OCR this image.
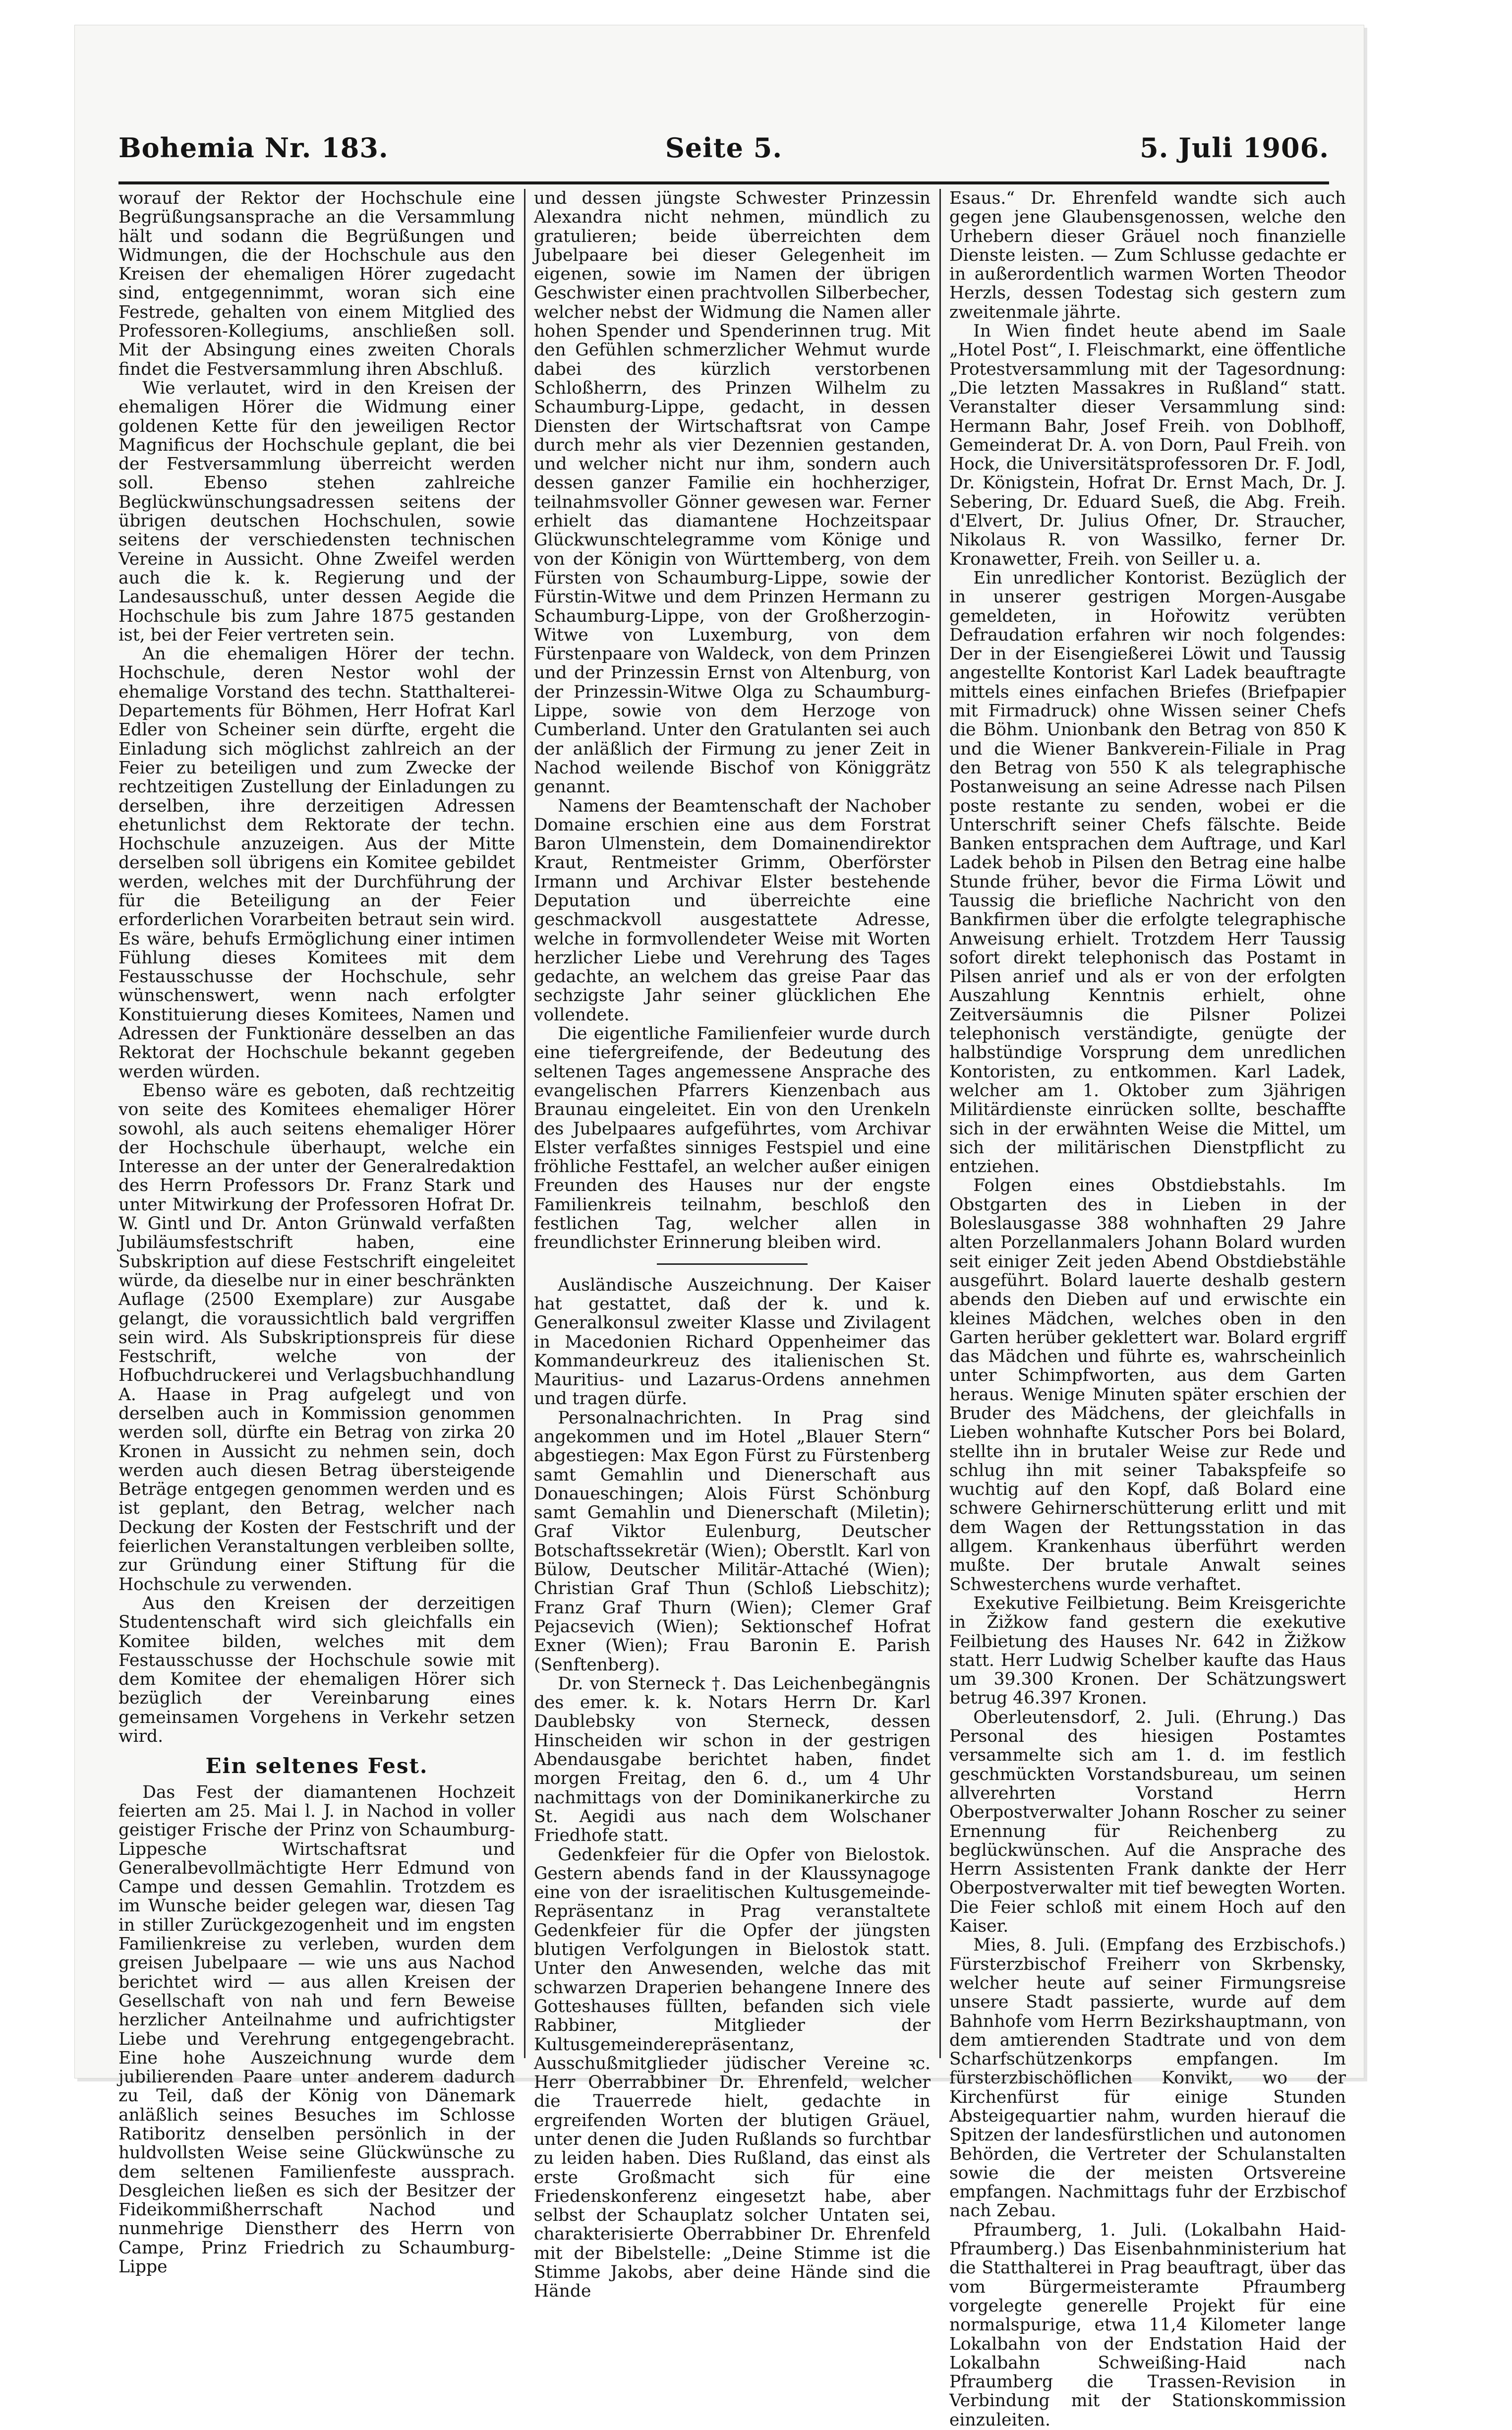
Bohemia Nr. 183.	Seite 5.	5. Juli 1906.

worauf der Rektor der Hochschule eine Begrüßungsansprache an die Versammlung hält und sodann die Begrüßungen und Widmungen, die der Hochschule aus den Kreisen der ehemaligen Hörer zugedacht sind, entgegennimmt, woran sich eine Festrede, gehalten von einem Mitglied des Professoren-Kollegiums, anschließen soll. Mit der Absingung eines zweiten Chorals findet die Festversammlung ihren Abschluß.

Wie verlautet, wird in den Kreisen der ehemaligen Hörer die Widmung einer goldenen Kette für den jeweiligen Rector Magnificus der Hochschule geplant, die bei der Festversammlung überreicht werden soll. Ebenso stehen zahlreiche Beglückwünschungsadressen seitens der übrigen deutschen Hochschulen, sowie seitens der verschiedensten technischen Vereine in Aussicht. Ohne Zweifel werden auch die k. k. Regierung und der Landesausschuß, unter dessen Aegide die Hochschule bis zum Jahre 1875 gestanden ist, bei der Feier vertreten sein.

An die ehemaligen Hörer der techn. Hochschule, deren Nestor wohl der ehemalige Vorstand des techn. Statthalterei-Departements für Böhmen, Herr Hofrat Karl Edler von Scheiner sein dürfte, ergeht die Einladung sich möglichst zahlreich an der Feier zu beteiligen und zum Zwecke der rechtzeitigen Zustellung der Einladungen zu derselben, ihre derzeitigen Adressen ehetunlichst dem Rektorate der techn. Hochschule anzuzeigen. Aus der Mitte derselben soll übrigens ein Komitee gebildet werden, welches mit der Durchführung der für die Beteiligung an der Feier erforderlichen Vorarbeiten betraut sein wird. Es wäre, behufs Ermöglichung einer intimen Fühlung dieses Komitees mit dem Festausschusse der Hochschule, sehr wünschenswert, wenn nach erfolgter Konstituierung dieses Komitees, Namen und Adressen der Funktionäre desselben an das Rektorat der Hochschule bekannt gegeben werden würden.

Ebenso wäre es geboten, daß rechtzeitig von seite des Komitees ehemaliger Hörer sowohl, als auch seitens ehemaliger Hörer der Hochschule überhaupt, welche ein Interesse an der unter der Generalredaktion des Herrn Professors Dr. Franz Stark und unter Mitwirkung der Professoren Hofrat Dr. W. Gintl und Dr. Anton Grünwald verfaßten Jubiläumsfestschrift haben, eine Subskription auf diese Festschrift eingeleitet würde, da dieselbe nur in einer beschränkten Auflage (2500 Exemplare) zur Ausgabe gelangt, die voraussichtlich bald vergriffen sein wird. Als Subskriptionspreis für diese Festschrift, welche von der Hofbuchdruckerei und Verlagsbuchhandlung A. Haase in Prag aufgelegt und von derselben auch in Kommission genommen werden soll, dürfte ein Betrag von zirka 20 Kronen in Aussicht zu nehmen sein, doch werden auch diesen Betrag übersteigende Beträge entgegen genommen werden und es ist geplant, den Betrag, welcher nach Deckung der Kosten der Festschrift und der feierlichen Veranstaltungen verbleiben sollte, zur Gründung einer Stiftung für die Hochschule zu verwenden.

Aus den Kreisen der derzeitigen Studentenschaft wird sich gleichfalls ein Komitee bilden, welches mit dem Festausschusse der Hochschule sowie mit dem Komitee der ehemaligen Hörer sich bezüglich der Vereinbarung eines gemeinsamen Vorgehens in Verkehr setzen wird.

Ein seltenes Fest.

Das Fest der diamantenen Hochzeit feierten am 25. Mai l. J. in Nachod in voller geistiger Frische der Prinz von Schaumburg-Lippesche Wirtschaftsrat und Generalbevollmächtigte Herr Edmund von Campe und dessen Gemahlin. Trotzdem es im Wunsche beider gelegen war, diesen Tag in stiller Zurückgezogenheit und im engsten Familienkreise zu verleben, wurden dem greisen Jubelpaare — wie uns aus Nachod berichtet wird — aus allen Kreisen der Gesellschaft von nah und fern Beweise herzlicher Anteilnahme und aufrichtigster Liebe und Verehrung entgegengebracht. Eine hohe Auszeichnung wurde dem jubilierenden Paare unter anderem dadurch zu Teil, daß der König von Dänemark anläßlich seines Besuches im Schlosse Ratiboritz denselben persönlich in der huldvollsten Weise seine Glückwünsche zu dem seltenen Familienfeste aussprach. Desgleichen ließen es sich der Besitzer der Fideikommißherrschaft Nachod und nunmehrige Dienstherr des Herrn von Campe, Prinz Friedrich zu Schaumburg-Lippe

und dessen jüngste Schwester Prinzessin Alexandra nicht nehmen, mündlich zu gratulieren; beide überreichten dem Jubelpaare bei dieser Gelegenheit im eigenen, sowie im Namen der übrigen Geschwister einen prachtvollen Silberbecher, welcher nebst der Widmung die Namen aller hohen Spender und Spenderinnen trug. Mit den Gefühlen schmerzlicher Wehmut wurde dabei des kürzlich verstorbenen Schloßherrn, des Prinzen Wilhelm zu Schaumburg-Lippe, gedacht, in dessen Diensten der Wirtschaftsrat von Campe durch mehr als vier Dezennien gestanden, und welcher nicht nur ihm, sondern auch dessen ganzer Familie ein hochherziger, teilnahmsvoller Gönner gewesen war. Ferner erhielt das diamantene Hochzeitspaar Glückwunschtelegramme vom Könige und von der Königin von Württemberg, von dem Fürsten von Schaumburg-Lippe, sowie der Fürstin-Witwe und dem Prinzen Hermann zu Schaumburg-Lippe, von der Großherzogin-Witwe von Luxemburg, von dem Fürstenpaare von Waldeck, von dem Prinzen und der Prinzessin Ernst von Altenburg, von der Prinzessin-Witwe Olga zu Schaumburg-Lippe, sowie von dem Herzoge von Cumberland. Unter den Gratulanten sei auch der anläßlich der Firmung zu jener Zeit in Nachod weilende Bischof von Königgrätz genannt.

Namens der Beamtenschaft der Nachober Domaine erschien eine aus dem Forstrat Baron Ulmenstein, dem Domainendirektor Kraut, Rentmeister Grimm, Oberförster Irmann und Archivar Elster bestehende Deputation und überreichte eine geschmackvoll ausgestattete Adresse, welche in formvollendeter Weise mit Worten herzlicher Liebe und Verehrung des Tages gedachte, an welchem das greise Paar das sechzigste Jahr seiner glücklichen Ehe vollendete.

Die eigentliche Familienfeier wurde durch eine tiefergreifende, der Bedeutung des seltenen Tages angemessene Ansprache des evangelischen Pfarrers Kienzenbach aus Braunau eingeleitet. Ein von den Urenkeln des Jubelpaares aufgeführtes, vom Archivar Elster verfaßtes sinniges Festspiel und eine fröhliche Festtafel, an welcher außer einigen Freunden des Hauses nur der engste Familienkreis teilnahm, beschloß den festlichen Tag, welcher allen in freundlichster Erinnerung bleiben wird.

Ausländische Auszeichnung. Der Kaiser hat gestattet, daß der k. und k. Generalkonsul zweiter Klasse und Zivilagent in Macedonien Richard Oppenheimer das Kommandeurkreuz des italienischen St. Mauritius- und Lazarus-Ordens annehmen und tragen dürfe.

Personalnachrichten. In Prag sind angekommen und im Hotel „Blauer Stern“ abgestiegen: Max Egon Fürst zu Fürstenberg samt Gemahlin und Dienerschaft aus Donaueschingen; Alois Fürst Schönburg samt Gemahlin und Dienerschaft (Miletin); Graf Viktor Eulenburg, Deutscher Botschaftssekretär (Wien); Oberstlt. Karl von Bülow, Deutscher Militär-Attaché (Wien); Christian Graf Thun (Schloß Liebschitz); Franz Graf Thurn (Wien); Clemer Graf Pejacsevich (Wien); Sektionschef Hofrat Exner (Wien); Frau Baronin E. Parish (Senftenberg).

Dr. von Sterneck †. Das Leichenbegängnis des emer. k. k. Notars Herrn Dr. Karl Daublebsky von Sterneck, dessen Hinscheiden wir schon in der gestrigen Abendausgabe berichtet haben, findet morgen Freitag, den 6. d., um 4 Uhr nachmittags von der Dominikanerkirche zu St. Aegidi aus nach dem Wolschaner Friedhofe statt.

Gedenkfeier für die Opfer von Bielostok. Gestern abends fand in der Klaussynagoge eine von der israelitischen Kultusgemeinde-Repräsentanz in Prag veranstaltete Gedenkfeier für die Opfer der jüngsten blutigen Verfolgungen in Bielostok statt. Unter den Anwesenden, welche das mit schwarzen Draperien behangene Innere des Gotteshauses füllten, befanden sich viele Rabbiner, Mitglieder der Kultusgemeinderepräsentanz, Ausschußmitglieder jüdischer Vereine ꝛc. Herr Oberrabbiner Dr. Ehrenfeld, welcher die Trauerrede hielt, gedachte in ergreifenden Worten der blutigen Gräuel, unter denen die Juden Rußlands so furchtbar zu leiden haben. Dies Rußland, das einst als erste Großmacht sich für eine Friedenskonferenz eingesetzt habe, aber selbst der Schauplatz solcher Untaten sei, charakterisierte Oberrabbiner Dr. Ehrenfeld mit der Bibelstelle: „Deine Stimme ist die Stimme Jakobs, aber deine Hände sind die Hände

Esaus.“ Dr. Ehrenfeld wandte sich auch gegen jene Glaubensgenossen, welche den Urhebern dieser Gräuel noch finanzielle Dienste leisten. — Zum Schlusse gedachte er in außerordentlich warmen Worten Theodor Herzls, dessen Todestag sich gestern zum zweitenmale jährte.

In Wien findet heute abend im Saale „Hotel Post“, I. Fleischmarkt, eine öffentliche Protestversammlung mit der Tagesordnung: „Die letzten Massakres in Rußland“ statt. Veranstalter dieser Versammlung sind: Hermann Bahr, Josef Freih. von Doblhoff, Gemeinderat Dr. A. von Dorn, Paul Freih. von Hock, die Universitätsprofessoren Dr. F. Jodl, Dr. Königstein, Hofrat Dr. Ernst Mach, Dr. J. Sebering, Dr. Eduard Sueß, die Abg. Freih. d'Elvert, Dr. Julius Ofner, Dr. Straucher, Nikolaus R. von Wassilko, ferner Dr. Kronawetter, Freih. von Seiller u. a.

Ein unredlicher Kontorist. Bezüglich der in unserer gestrigen Morgen-Ausgabe gemeldeten, in Hořowitz verübten Defraudation erfahren wir noch folgendes: Der in der Eisengießerei Löwit und Taussig angestellte Kontorist Karl Ladek beauftragte mittels eines einfachen Briefes (Briefpapier mit Firmadruck) ohne Wissen seiner Chefs die Böhm. Unionbank den Betrag von 850 K und die Wiener Bankverein-Filiale in Prag den Betrag von 550 K als telegraphische Postanweisung an seine Adresse nach Pilsen poste restante zu senden, wobei er die Unterschrift seiner Chefs fälschte. Beide Banken entsprachen dem Auftrage, und Karl Ladek behob in Pilsen den Betrag eine halbe Stunde früher, bevor die Firma Löwit und Taussig die briefliche Nachricht von den Bankfirmen über die erfolgte telegraphische Anweisung erhielt. Trotzdem Herr Taussig sofort direkt telephonisch das Postamt in Pilsen anrief und als er von der erfolgten Auszahlung Kenntnis erhielt, ohne Zeitversäumnis die Pilsner Polizei telephonisch verständigte, genügte der halbstündige Vorsprung dem unredlichen Kontoristen, zu entkommen. Karl Ladek, welcher am 1. Oktober zum 3jährigen Militärdienste einrücken sollte, beschaffte sich in der erwähnten Weise die Mittel, um sich der militärischen Dienstpflicht zu entziehen.

Folgen eines Obstdiebstahls. Im Obstgarten des in Lieben in der Boleslausgasse 388 wohnhaften 29 Jahre alten Porzellanmalers Johann Bolard wurden seit einiger Zeit jeden Abend Obstdiebstähle ausgeführt. Bolard lauerte deshalb gestern abends den Dieben auf und erwischte ein kleines Mädchen, welches oben in den Garten herüber geklettert war. Bolard ergriff das Mädchen und führte es, wahrscheinlich unter Schimpfworten, aus dem Garten heraus. Wenige Minuten später erschien der Bruder des Mädchens, der gleichfalls in Lieben wohnhafte Kutscher Pors bei Bolard, stellte ihn in brutaler Weise zur Rede und schlug ihn mit seiner Tabakspfeife so wuchtig auf den Kopf, daß Bolard eine schwere Gehirnerschütterung erlitt und mit dem Wagen der Rettungsstation in das allgem. Krankenhaus überführt werden mußte. Der brutale Anwalt seines Schwesterchens wurde verhaftet.

Exekutive Feilbietung. Beim Kreisgerichte in Žižkow fand gestern die exekutive Feilbietung des Hauses Nr. 642 in Žižkow statt. Herr Ludwig Schelber kaufte das Haus um 39.300 Kronen. Der Schätzungswert betrug 46.397 Kronen.

Oberleutensdorf, 2. Juli. (Ehrung.) Das Personal des hiesigen Postamtes versammelte sich am 1. d. im festlich geschmückten Vorstandsbureau, um seinen allverehrten Vorstand Herrn Oberpostverwalter Johann Roscher zu seiner Ernennung für Reichenberg zu beglückwünschen. Auf die Ansprache des Herrn Assistenten Frank dankte der Herr Oberpostverwalter mit tief bewegten Worten. Die Feier schloß mit einem Hoch auf den Kaiser.

Mies, 8. Juli. (Empfang des Erzbischofs.) Fürsterzbischof Freiherr von Skrbensky, welcher heute auf seiner Firmungsreise unsere Stadt passierte, wurde auf dem Bahnhofe vom Herrn Bezirkshauptmann, von dem amtierenden Stadtrate und von dem Scharfschützenkorps empfangen. Im fürsterzbischöflichen Konvikt, wo der Kirchenfürst für einige Stunden Absteigequartier nahm, wurden hierauf die Spitzen der landesfürstlichen und autonomen Behörden, die Vertreter der Schulanstalten sowie die der meisten Ortsvereine empfangen. Nachmittags fuhr der Erzbischof nach Zebau.

Pfraumberg, 1. Juli. (Lokalbahn Haid-Pfraumberg.) Das Eisenbahnministerium hat die Statthalterei in Prag beauftragt, über das vom Bürgermeisteramte Pfraumberg vorgelegte generelle Projekt für eine normalspurige, etwa 11,4 Kilometer lange Lokalbahn von der Endstation Haid der Lokalbahn Schweißing-Haid nach Pfraumberg die Trassen-Revision in Verbindung mit der Stationskommission einzuleiten.
